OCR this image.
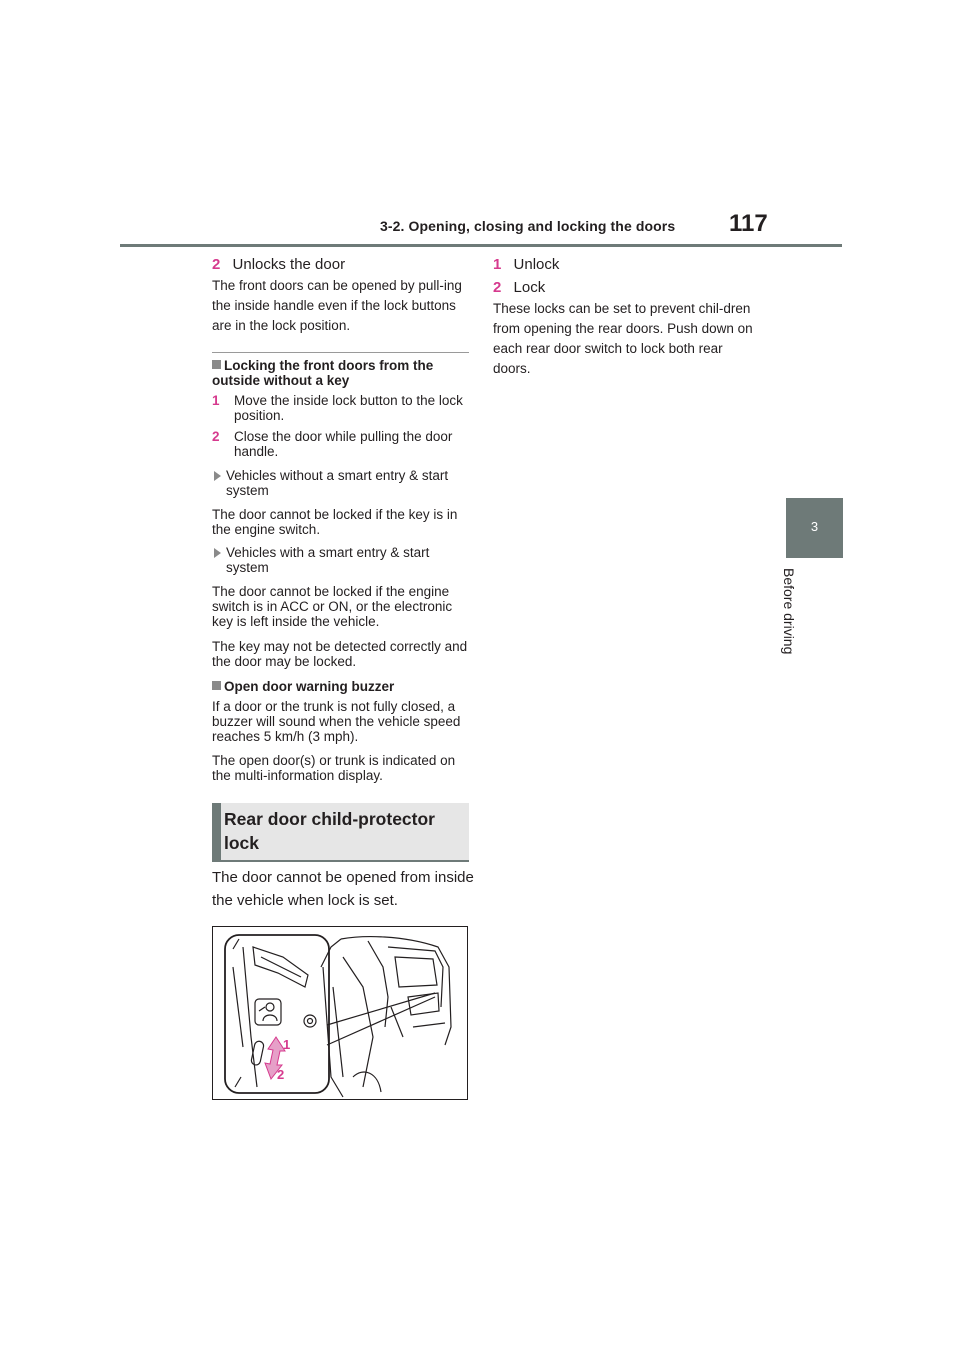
3-2. Opening, closing and locking the doors 117
3
Before driving
2 Unlocks the door
The front doors can be opened by pull-ing the inside handle even if the lock buttons are in the lock position.
Locking the front doors from the outside without a key
1	Move the inside lock button to the lock position.
2	Close the door while pulling the door handle.
Vehicles without a smart entry & start system
The door cannot be locked if the key is in the engine switch.
Vehicles with a smart entry & start system
The door cannot be locked if the engine switch is in ACC or ON, or the electronic key is left inside the vehicle.
The key may not be detected correctly and the door may be locked.
Open door warning buzzer
If a door or the trunk is not fully closed, a buzzer will sound when the vehicle speed reaches 5 km/h (3 mph).
The open door(s) or trunk is indicated on the multi-information display.
Rear door child-protector lock
The door cannot be opened from inside the vehicle when lock is set.
1
2
1 Unlock
2 Lock
These locks can be set to prevent chil-dren from opening the rear doors. Push down on each rear door switch to lock both rear doors.
